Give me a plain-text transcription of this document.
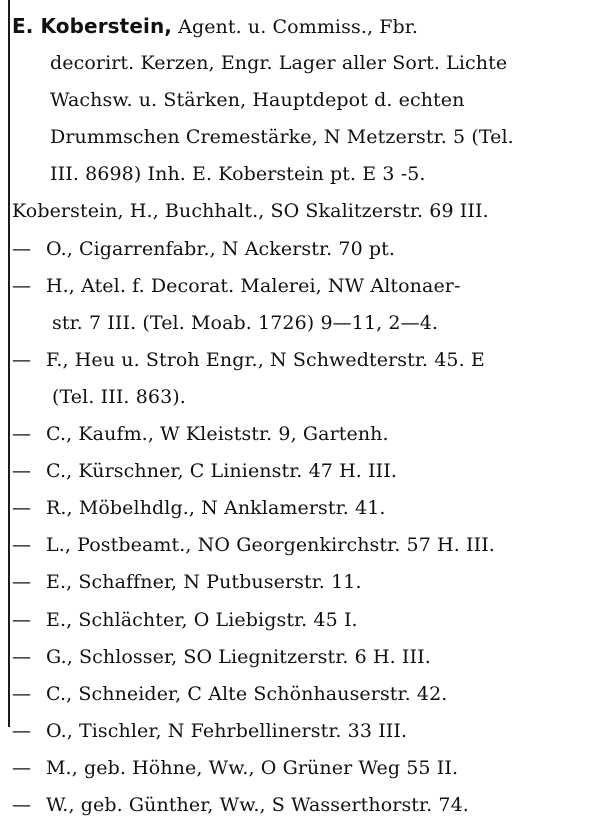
E. Koberstein, Agent. u. Commiss., Fbr.
decorirt. Kerzen, Engr. Lager aller Sort. Lichte
Wachsw. u. Stärken, Hauptdepot d. echten
Drummschen Cremestärke, N Metzerstr. 5 (Tel.
III. 8698) Inh. E. Koberstein pt. E 3 -5.
Koberstein, H., Buchhalt., SO Skalitzerstr. 69 III.
— O., Cigarrenfabr., N Ackerstr. 70 pt.
— H., Atel. f. Decorat. Malerei, NW Altonaer-
str. 7 III. (Tel. Moab. 1726) 9—11, 2—4.
— F., Heu u. Stroh Engr., N Schwedterstr. 45. E
(Tel. III. 863).
— C., Kaufm., W Kleiststr. 9, Gartenh.
— C., Kürschner, C Linienstr. 47 H. III.
— R., Möbelhdlg., N Anklamerstr. 41.
— L., Postbeamt., NO Georgenkirchstr. 57 H. III.
— E., Schaffner, N Putbuserstr. 11.
— E., Schlächter, O Liebigstr. 45 I.
— G., Schlosser, SO Liegnitzerstr. 6 H. III.
— C., Schneider, C Alte Schönhauserstr. 42.
— O., Tischler, N Fehrbellinerstr. 33 III.
— M., geb. Höhne, Ww., O Grüner Weg 55 II.
— W., geb. Günther, Ww., S Wasserthorstr. 74.
